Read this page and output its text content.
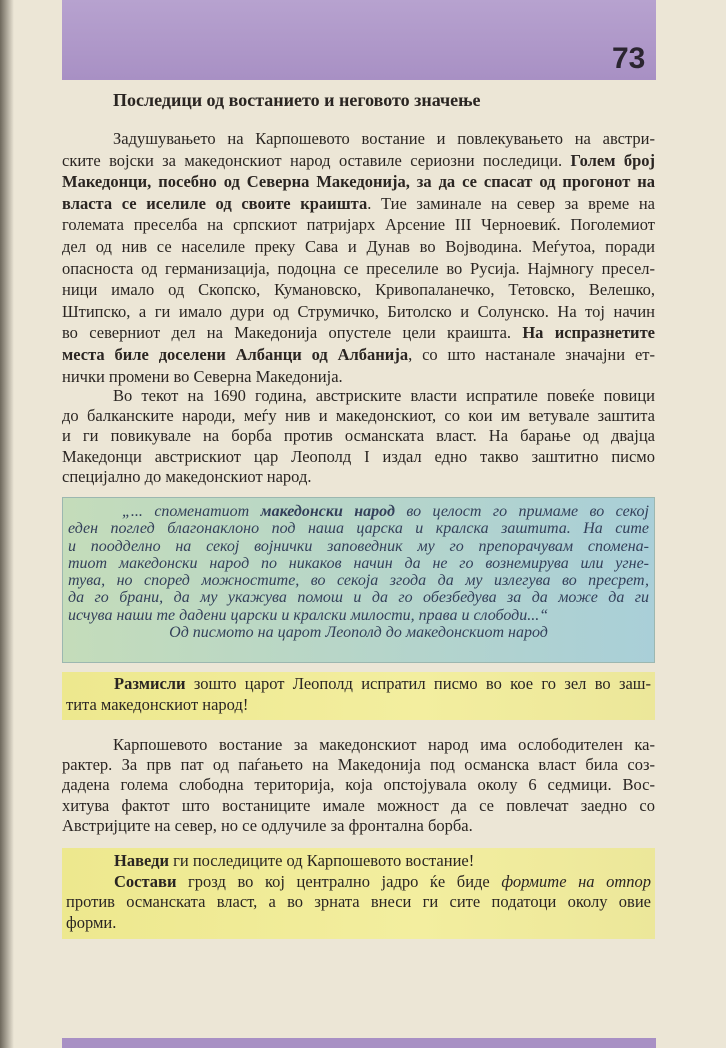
73
Последици од востанието и неговото значење
Задушувањето на Карпошевото востание и повлекувањето на австри-
ските војски за македонскиот народ оставиле сериозни последици. Голем број
Македонци, посебно од Северна Македонија, за да се спасат од прогонот на
власта се иселиле од своите краишта. Тие заминале на север за време на
големата преселба на српскиот патријарх Арсение III Чернoевиќ. Поголемиот
дел од нив се населиле преку Сава и Дунав во Војводина. Меѓутоа, поради
опасноста од германизација, подоцна се преселиле во Русија. Најмногу пресел-
ници имало од Скопско, Кумановско, Кривопаланечко, Тетовско, Велешко,
Штипско, а ги имало дури од Струмичко, Битолско и Солунско. На тој начин
во северниот дел на Македонија опустеле цели краишта. На испразнетите
места биле доселени Албанци од Албанија, со што настанале значајни ет-
нички промени во Северна Македонија.
Во текот на 1690 година, австриските власти испратиле повеќе повици
до балканските народи, меѓу нив и македонскиот, со кои им ветувале заштита
и ги повикувале на борба против османската власт. На барање од двајца
Македонци австрискиот цар Леополд I издал едно такво заштитно писмо
специјално до македонскиот народ.
„... споменатиот македонски народ во целост го примаме во секој
еден поглед благонаклоно под наша царска и кралска заштита. На сите
и поодделно на секој војнички заповедник му го препорачувам спомена-
тиот македонски народ по никаков начин да не го вознемирува или угне-
тува, но според можностите, во секоја згода да му излегува во пресрет,
да го брани, да му укажува помош и да го обезбедува за да може да ги
исчува наши те дадени царски и кралски милости, права и слободи...“
Од писмото на царот Леополд до македонскиот народ
Размисли зошто царот Леополд испратил писмо во кое го зел во заш-
тита македонскиот народ!
Карпошевото востание за македонскиот народ има ослободителен ка-
рактер. За прв пат од паѓањето на Македонија под османска власт била соз-
дадена голема слободна територија, која опстојувала околу 6 седмици. Вос-
хитува фактот што востаниците имале можност да се повлечат заедно со
Австријците на север, но се одлучиле за фронтална борба.
Наведи ги последиците од Карпошевото востание!
Состави грозд во кој централно јадро ќе биде формите на отпор
против османската власт, а во зрната внеси ги сите податоци околу овие
форми.
